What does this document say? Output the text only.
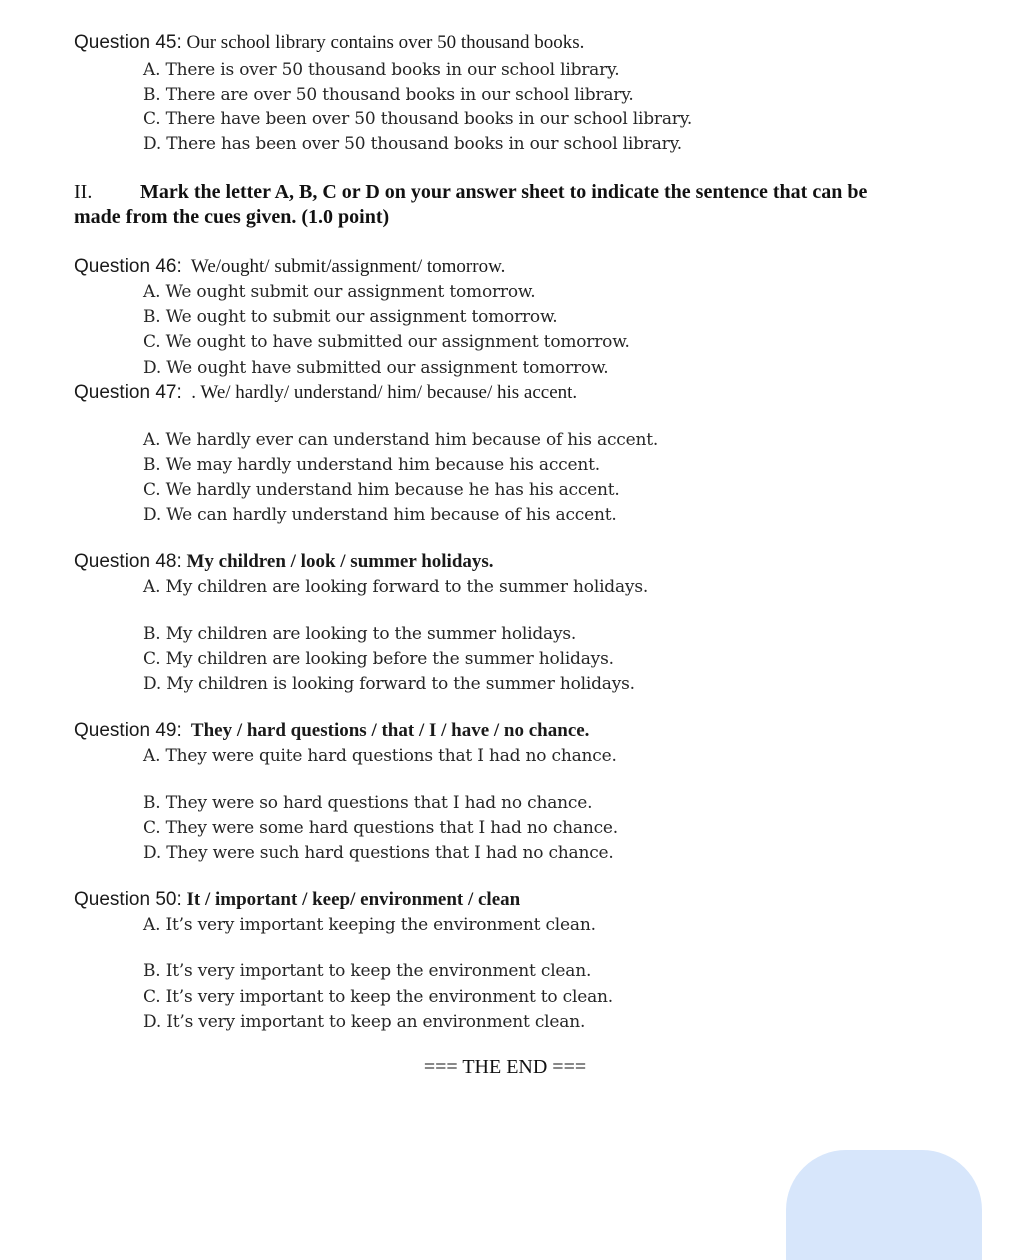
Question 45: Our school library contains over 50 thousand books.
A. There is over 50 thousand books in our school library.
B. There are over 50 thousand books in our school library.
C. There have been over 50 thousand books in our school library.
D. There has been over 50 thousand books in our school library.
II. Mark the letter A, B, C or D on your answer sheet to indicate the sentence that can be
made from the cues given. (1.0 point)
Question 46:  We/ought/ submit/assignment/ tomorrow.
A. We ought submit our assignment tomorrow.
B. We ought to submit our assignment tomorrow.
C. We ought to have submitted our assignment tomorrow.
D. We ought have submitted our assignment tomorrow.
Question 47:  . We/ hardly/ understand/ him/ because/ his accent.
A. We hardly ever can understand him because of his accent.
B. We may hardly understand him because his accent.
C. We hardly understand him because he has his accent.
D. We can hardly understand him because of his accent.
Question 48: My children / look / summer holidays.
A. My children are looking forward to the summer holidays.
B. My children are looking to the summer holidays.
C. My children are looking before the summer holidays.
D. My children is looking forward to the summer holidays.
Question 49:  They / hard questions / that / I / have / no chance.
A. They were quite hard questions that I had no chance.
B. They were so hard questions that I had no chance.
C. They were some hard questions that I had no chance.
D. They were such hard questions that I had no chance.
Question 50: It / important / keep/ environment / clean
A. It’s very important keeping the environment clean.
B. It’s very important to keep the environment clean.
C. It’s very important to keep the environment to clean.
D. It’s very important to keep an environment clean.
=== THE END ===
